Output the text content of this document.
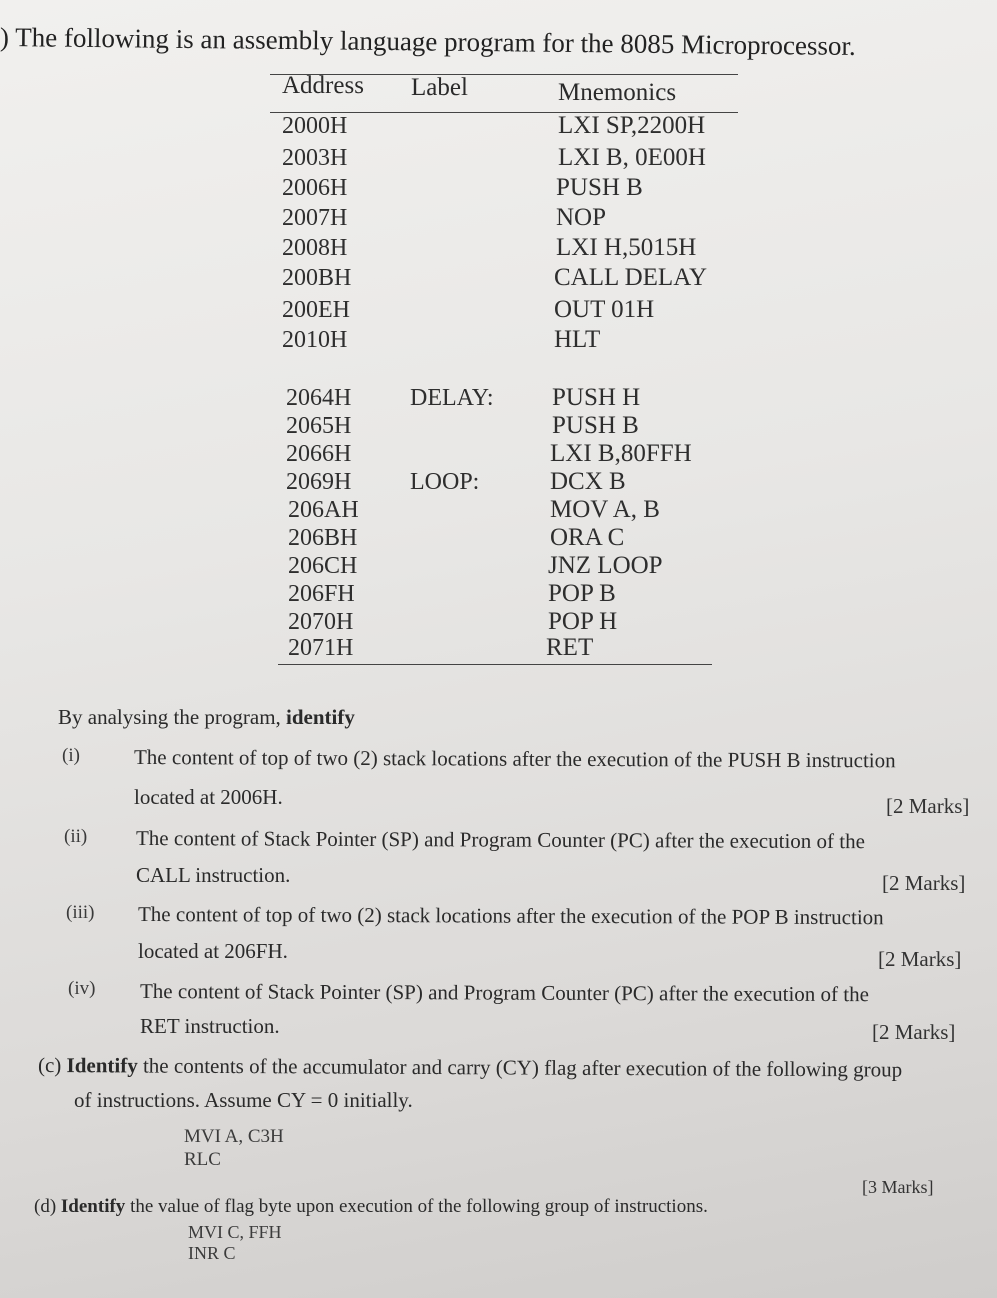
) The following is an assembly language program for the 8085 Microprocessor.
Address Label	Mnemonics
2000H	LXI SP,2200H
2003H	LXI B, 0E00H
2006H	PUSH B
2007H	NOP
2008H	LXI H,5015H
200BH	CALL DELAY
200EH	OUT 01H
2010H	HLT
2064H DELAY: PUSH H
2065H	PUSH B
2066H	LXI B,80FFH
2069H LOOP:	DCX B
206AH	MOV A, B
206BH	ORA C
206CH	JNZ LOOP
206FH	POP B
2070H	POP H
2071H	RET
By analysing the program, identify
(i)	The content of top of two (2) stack locations after the execution of the PUSH B instruction
located at 2006H.	[2 Marks]
(ii) The content of Stack Pointer (SP) and Program Counter (PC) after the execution of the
CALL instruction.	[2 Marks]
(iii) The content of top of two (2) stack locations after the execution of the POP B instruction
located at 206FH.	[2 Marks]
(iv) The content of Stack Pointer (SP) and Program Counter (PC) after the execution of the
RET instruction.	[2 Marks]
(c) Identify the contents of the accumulator and carry (CY) flag after execution of the following group
of instructions. Assume CY = 0 initially.
MVI A, C3H
RLC
[3 Marks]
(d) Identify the value of flag byte upon execution of the following group of instructions.
MVI C, FFH
INR C
